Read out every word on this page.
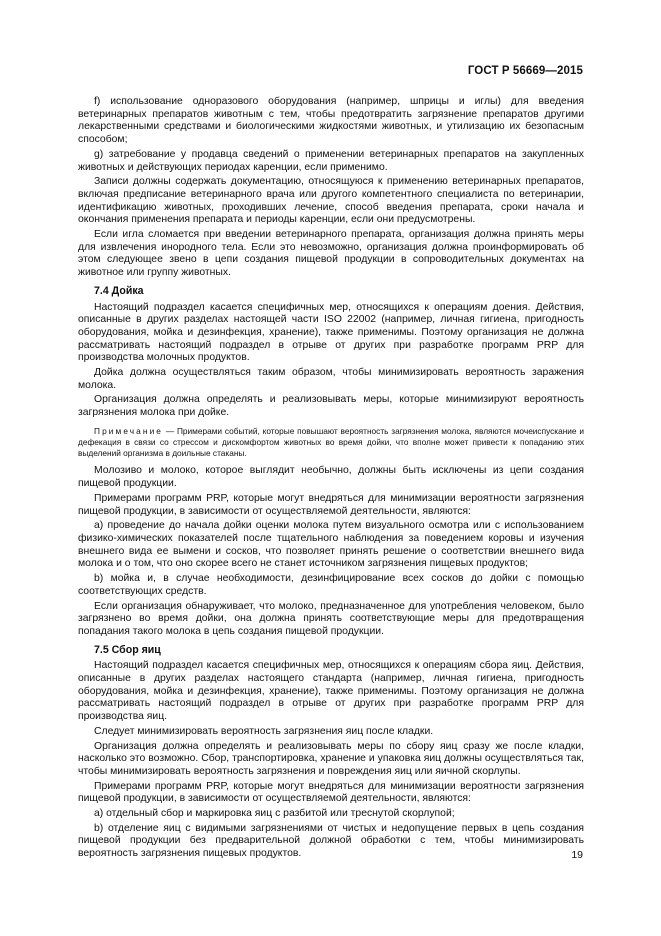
ГОСТ Р 56669—2015

f) использование одноразового оборудования (например, шприцы и иглы) для введения ветеринарных препаратов животным с тем, чтобы предотвратить загрязнение препаратов другими лекарственными средствами и биологическими жидкостями животных, и утилизацию их безопасным способом;

g) затребование у продавца сведений о применении ветеринарных препаратов на закупленных животных и действующих периодах каренции, если применимо.

Записи должны содержать документацию, относящуюся к применению ветеринарных препаратов, включая предписание ветеринарного врача или другого компетентного специалиста по ветеринарии, идентификацию животных, проходивших лечение, способ введения препарата, сроки начала и окончания применения препарата и периоды каренции, если они предусмотрены.

Если игла сломается при введении ветеринарного препарата, организация должна принять меры для извлечения инородного тела. Если это невозможно, организация должна проинформировать об этом следующее звено в цепи создания пищевой продукции в сопроводительных документах на животное или группу животных.

7.4 Дойка

Настоящий подраздел касается специфичных мер, относящихся к операциям доения. Действия, описанные в других разделах настоящей части ISO 22002 (например, личная гигиена, пригодность оборудования, мойка и дезинфекция, хранение), также применимы. Поэтому организация не должна рассматривать настоящий подраздел в отрыве от других при разработке программ PRP для производства молочных продуктов.

Дойка должна осуществляться таким образом, чтобы минимизировать вероятность заражения молока.

Организация должна определять и реализовывать меры, которые минимизируют вероятность загрязнения молока при дойке.

Примечание — Примерами событий, которые повышают вероятность загрязнения молока, являются мочеиспускание и дефекация в связи со стрессом и дискомфортом животных во время дойки, что вполне может привести к попаданию этих выделений организма в доильные стаканы.

Молозиво и молоко, которое выглядит необычно, должны быть исключены из цепи создания пищевой продукции.

Примерами программ PRP, которые могут внедряться для минимизации вероятности загрязнения пищевой продукции, в зависимости от осуществляемой деятельности, являются:

a) проведение до начала дойки оценки молока путем визуального осмотра или с использованием физико-химических показателей после тщательного наблюдения за поведением коровы и изучения внешнего вида ее вымени и сосков, что позволяет принять решение о соответствии внешнего вида молока и о том, что оно скорее всего не станет источником загрязнения пищевых продуктов;

b) мойка и, в случае необходимости, дезинфицирование всех сосков до дойки с помощью соответствующих средств.

Если организация обнаруживает, что молоко, предназначенное для употребления человеком, было загрязнено во время дойки, она должна принять соответствующие меры для предотвращения попадания такого молока в цепь создания пищевой продукции.

7.5 Сбор яиц

Настоящий подраздел касается специфичных мер, относящихся к операциям сбора яиц. Действия, описанные в других разделах настоящего стандарта (например, личная гигиена, пригодность оборудования, мойка и дезинфекция, хранение), также применимы. Поэтому организация не должна рассматривать настоящий подраздел в отрыве от других при разработке программ PRP для производства яиц.

Следует минимизировать вероятность загрязнения яиц после кладки.

Организация должна определять и реализовывать меры по сбору яиц сразу же после кладки, насколько это возможно. Сбор, транспортировка, хранение и упаковка яиц должны осуществляться так, чтобы минимизировать вероятность загрязнения и повреждения яиц или яичной скорлупы.

Примерами программ PRP, которые могут внедряться для минимизации вероятности загрязнения пищевой продукции, в зависимости от осуществляемой деятельности, являются:

a) отдельный сбор и маркировка яиц с разбитой или треснутой скорлупой;

b) отделение яиц с видимыми загрязнениями от чистых и недопущение первых в цепь создания пищевой продукции без предварительной должной обработки с тем, чтобы минимизировать вероятность загрязнения пищевых продуктов.	19
